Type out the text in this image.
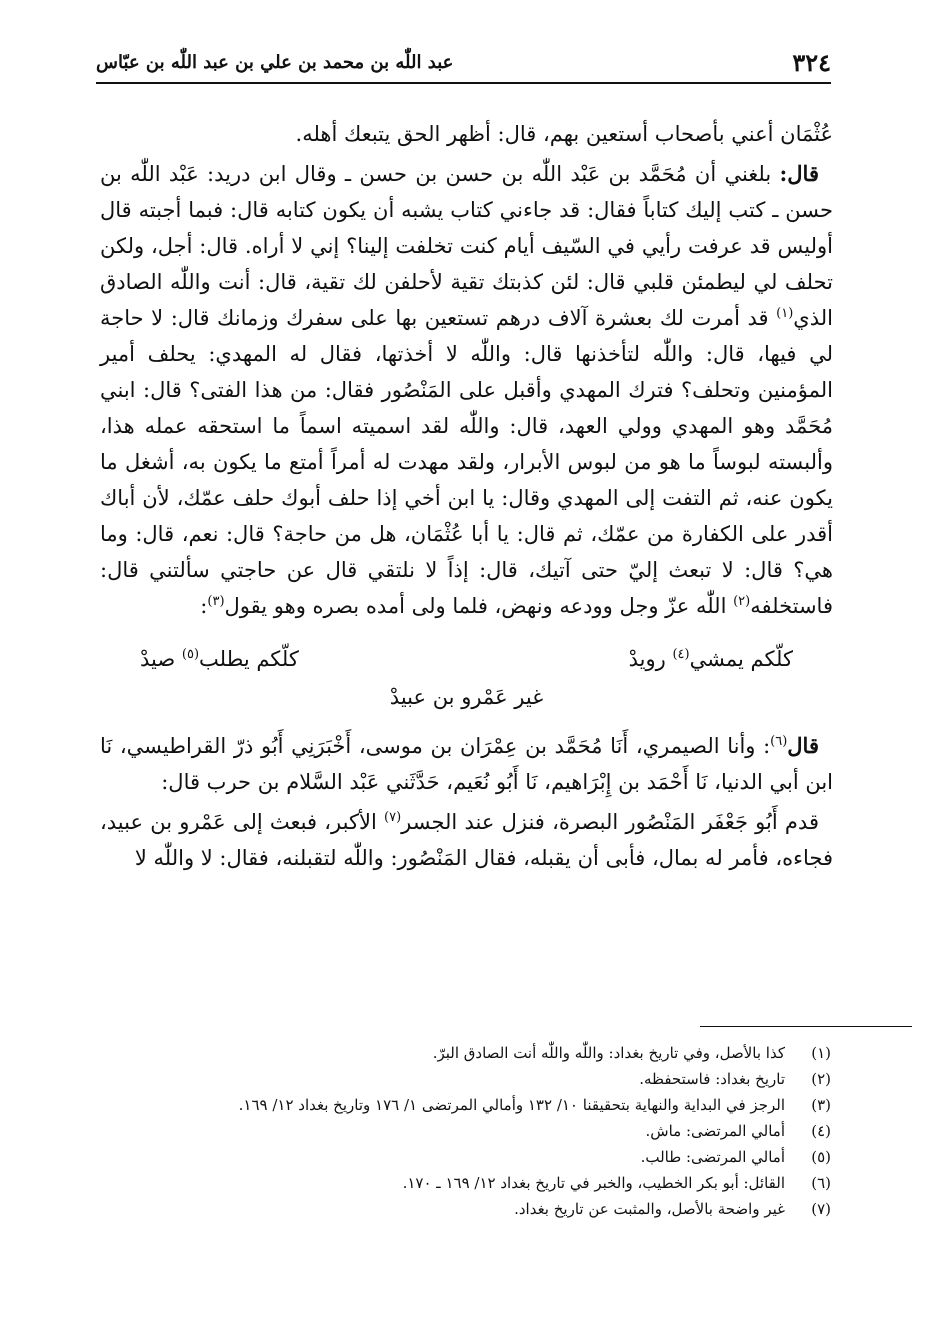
٣٢٤
عبد اللّٰه بن محمد بن علي بن عبد اللّٰه بن عبّاس

عُثْمَان أعني بأصحاب أستعين بهم، قال: أظهر الحق يتبعك أهله.

قال: بلغني أن مُحَمَّد بن عَبْد اللّٰه بن حسن بن حسن ـ وقال ابن دريد: عَبْد اللّٰه بن حسن ـ كتب إليك كتاباً فقال: قد جاءني كتاب يشبه أن يكون كتابه قال: فبما أجبته قال أوليس قد عرفت رأيي في السّيف أيام كنت تخلفت إلينا؟ إني لا أراه. قال: أجل، ولكن تحلف لي ليطمئن قلبي قال: لئن كذبتك تقية لأحلفن لك تقية، قال: أنت واللّٰه الصادق الذي$^{(١)}$ قد أمرت لك بعشرة آلاف درهم تستعين بها على سفرك وزمانك قال: لا حاجة لي فيها، قال: واللّٰه لتأخذنها قال: واللّٰه لا أخذتها، فقال له المهدي: يحلف أمير المؤمنين وتحلف؟ فترك المهدي وأقبل على المَنْصُور فقال: من هذا الفتى؟ قال: ابني مُحَمَّد وهو المهدي وولي العهد، قال: واللّٰه لقد اسميته اسماً ما استحقه عمله هذا، وألبسته لبوساً ما هو من لبوس الأبرار، ولقد مهدت له أمراً أمتع ما يكون به، أشغل ما يكون عنه، ثم التفت إلى المهدي وقال: يا ابن أخي إذا حلف أبوك حلف عمّك، لأن أباك أقدر على الكفارة من عمّك، ثم قال: يا أبا عُثْمَان، هل من حاجة؟ قال: نعم، قال: وما هي؟ قال: لا تبعث إليّ حتى آتيك، قال: إذاً لا نلتقي قال عن حاجتي سألتني قال: فاستخلفه$^{(٢)}$ اللّٰه عزّ وجل وودعه ونهض، فلما ولى أمده بصره وهو يقول$^{(٣)}$:

كلّكم يمشي$^{(٤)}$ رويدْ
كلّكم يطلب$^{(٥)}$ صيدْ
غير عَمْرو بن عبيدْ

قال$^{(٦)}$: وأنا الصيمري، أَنَا مُحَمَّد بن عِمْرَان بن موسى، أَخْبَرَنِي أَبُو ذرّ القراطيسي، نَا ابن أبي الدنيا، نَا أَحْمَد بن إِبْرَاهيم، نَا أَبُو نُعَيم، حَدَّثَني عَبْد السَّلام بن حرب قال:

قدم أَبُو جَعْفَر المَنْصُور البصرة، فنزل عند الجسر$^{(٧)}$ الأكبر، فبعث إلى عَمْرو بن عبيد، فجاءه، فأمر له بمال، فأبى أن يقبله، فقال المَنْصُور: واللّٰه لتقبلنه، فقال: لا واللّٰه لا

(١)
كذا بالأصل، وفي تاريخ بغداد: واللّٰه واللّٰه أنت الصادق البرّ.
(٢)
تاريخ بغداد: فاستحفظه.
(٣)
الرجز في البداية والنهاية بتحقيقنا ١٠/ ١٣٢ وأمالي المرتضى ١/ ١٧٦ وتاريخ بغداد ١٢/ ١٦٩.
(٤)
أمالي المرتضى: ماش.
(٥)
أمالي المرتضى: طالب.
(٦)
القائل: أبو بكر الخطيب، والخبر في تاريخ بغداد ١٢/ ١٦٩ ـ ١٧٠.
(٧)
غير واضحة بالأصل، والمثبت عن تاريخ بغداد.
